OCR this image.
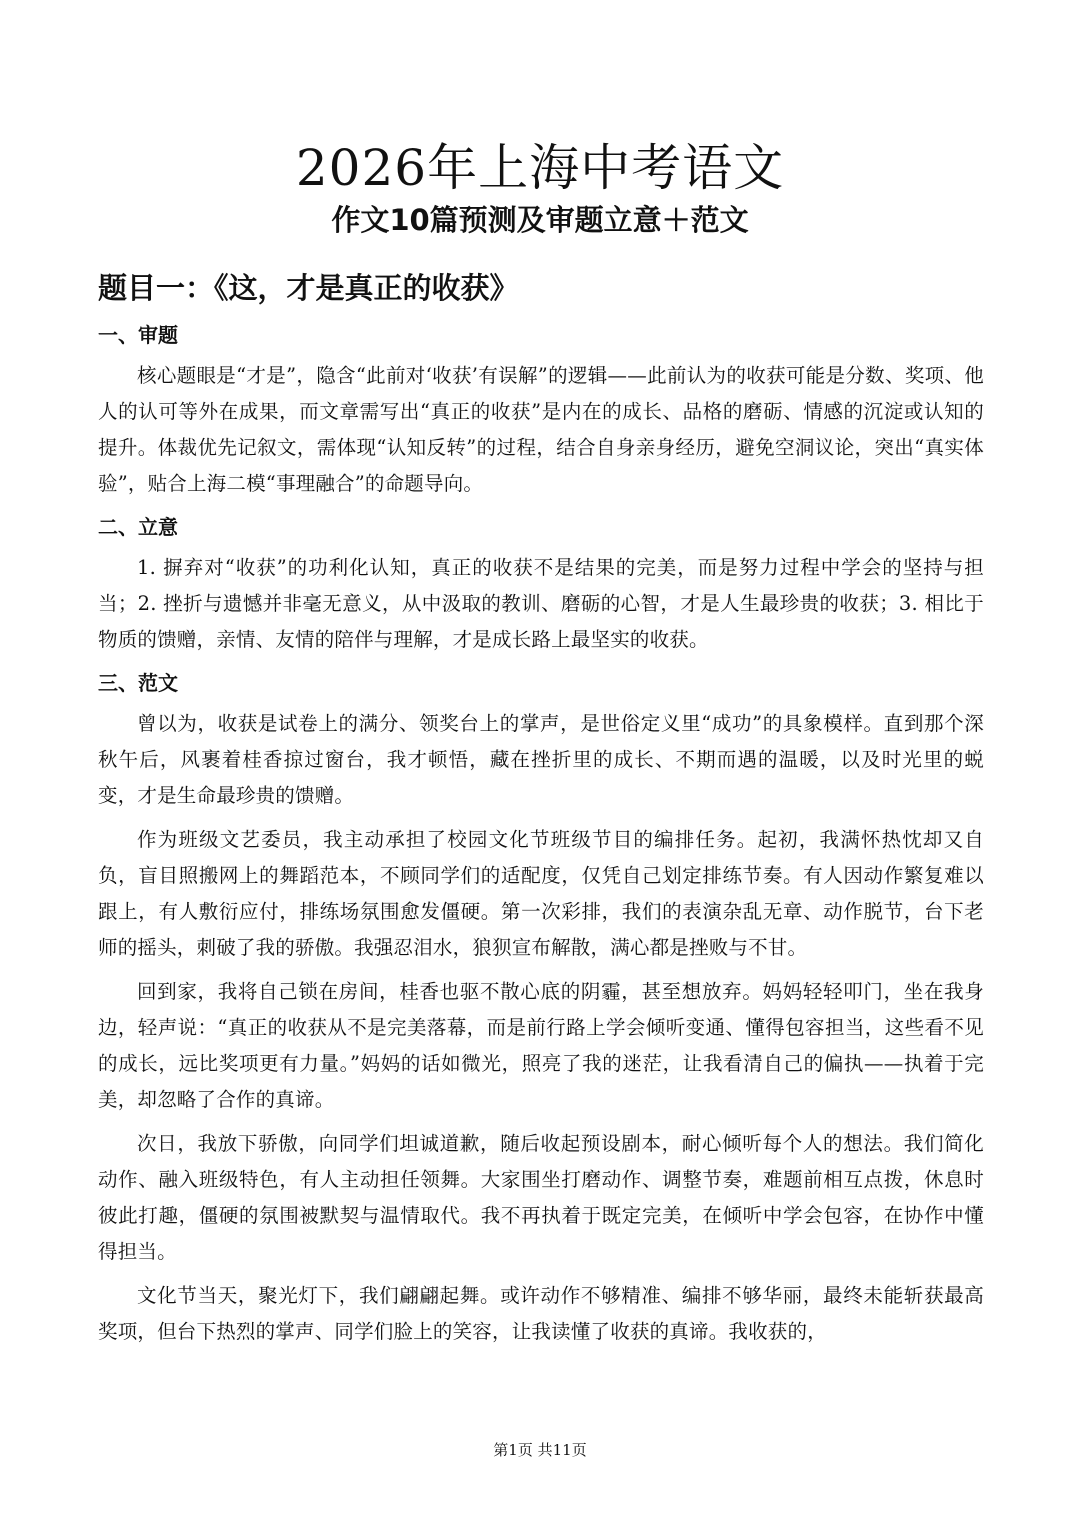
2026年上海中考语文
作文10篇预测及审题立意＋范文
题目一：《这，才是真正的收获》
一、审题

核心题眼是“才是”，隐含“此前对‘收获’有误解”的逻辑——此前认为的收获可能是分数、奖项、他人的认可等外在成果，而文章需写出“真正的收获”是内在的成长、品格的磨砺、情感的沉淀或认知的提升。体裁优先记叙文，需体现“认知反转”的过程，结合自身亲身经历，避免空洞议论，突出“真实体验”，贴合上海二模“事理融合”的命题导向。

二、立意

1. 摒弃对“收获”的功利化认知，真正的收获不是结果的完美，而是努力过程中学会的坚持与担当；2. 挫折与遗憾并非毫无意义，从中汲取的教训、磨砺的心智，才是人生最珍贵的收获；3. 相比于物质的馈赠，亲情、友情的陪伴与理解，才是成长路上最坚实的收获。

三、范文

曾以为，收获是试卷上的满分、领奖台上的掌声，是世俗定义里“成功”的具象模样。直到那个深秋午后，风裹着桂香掠过窗台，我才顿悟，藏在挫折里的成长、不期而遇的温暖，以及时光里的蜕变，才是生命最珍贵的馈赠。

作为班级文艺委员，我主动承担了校园文化节班级节目的编排任务。起初，我满怀热忱却又自负，盲目照搬网上的舞蹈范本，不顾同学们的适配度，仅凭自己划定排练节奏。有人因动作繁复难以跟上，有人敷衍应付，排练场氛围愈发僵硬。第一次彩排，我们的表演杂乱无章、动作脱节，台下老师的摇头，刺破了我的骄傲。我强忍泪水，狼狈宣布解散，满心都是挫败与不甘。

回到家，我将自己锁在房间，桂香也驱不散心底的阴霾，甚至想放弃。妈妈轻轻叩门，坐在我身边，轻声说：“真正的收获从不是完美落幕，而是前行路上学会倾听变通、懂得包容担当，这些看不见的成长，远比奖项更有力量。”妈妈的话如微光，照亮了我的迷茫，让我看清自己的偏执——执着于完美，却忽略了合作的真谛。

次日，我放下骄傲，向同学们坦诚道歉，随后收起预设剧本，耐心倾听每个人的想法。我们简化动作、融入班级特色，有人主动担任领舞。大家围坐打磨动作、调整节奏，难题前相互点拨，休息时彼此打趣，僵硬的氛围被默契与温情取代。我不再执着于既定完美，在倾听中学会包容，在协作中懂得担当。

文化节当天，聚光灯下，我们翩翩起舞。或许动作不够精准、编排不够华丽，最终未能斩获最高奖项，但台下热烈的掌声、同学们脸上的笑容，让我读懂了收获的真谛。我收获的，

第1页 共11页
